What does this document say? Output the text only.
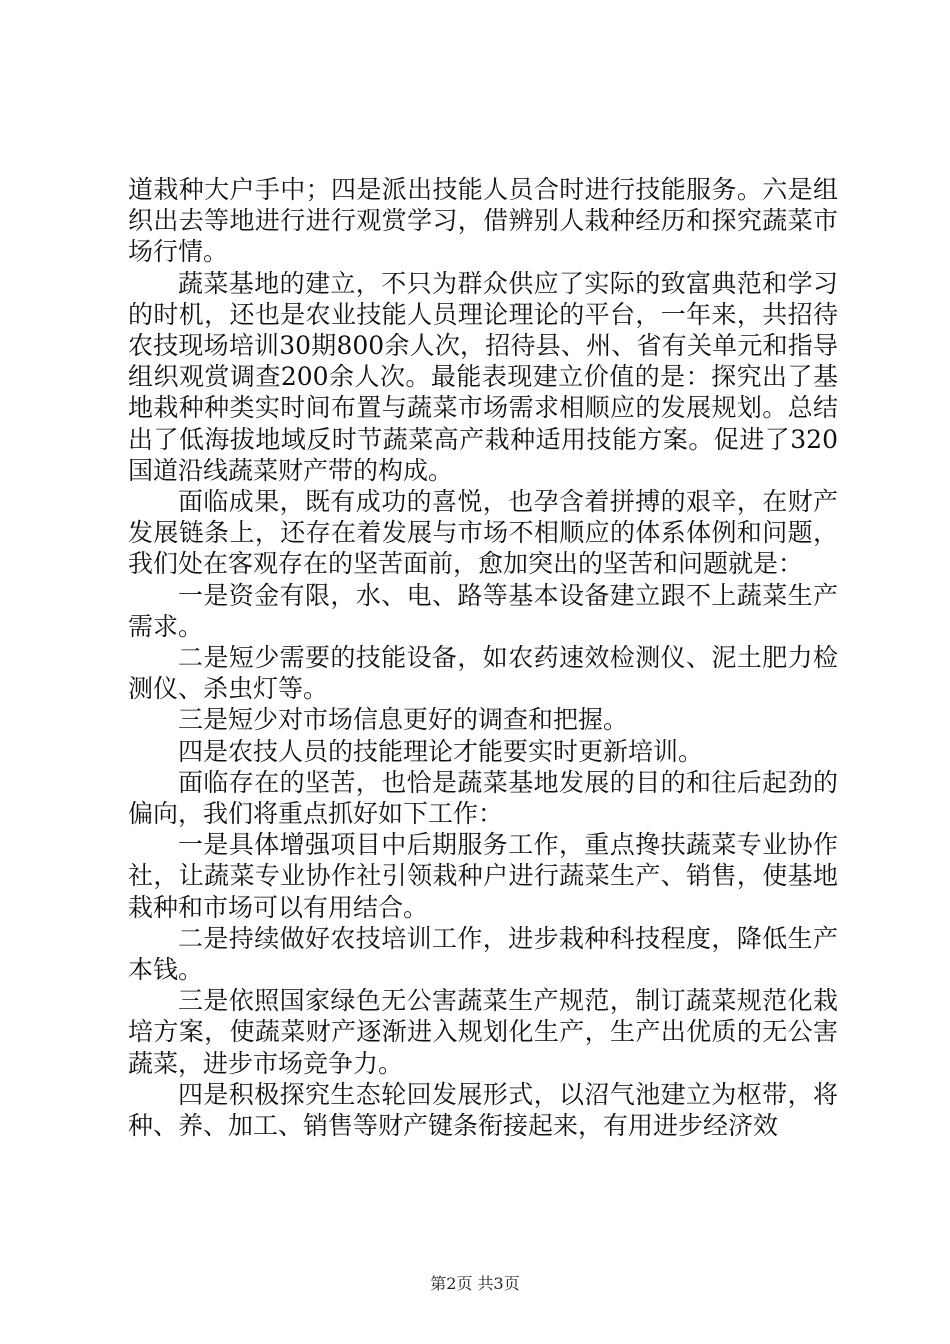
道栽种大户手中；四是派出技能人员合时进行技能服务。六是组织出去等地进行进行观赏学习，借辨别人栽种经历和探究蔬菜市场行情。

蔬菜基地的建立，不只为群众供应了实际的致富典范和学习的时机，还也是农业技能人员理论理论的平台，一年来，共招待农技现场培训30期800余人次，招待县、州、省有关单元和指导组织观赏调查200余人次。最能表现建立价值的是：探究出了基地栽种种类实时间布置与蔬菜市场需求相顺应的发展规划。总结出了低海拔地域反时节蔬菜高产栽种适用技能方案。促进了320国道沿线蔬菜财产带的构成。

面临成果，既有成功的喜悦，也孕含着拼搏的艰辛，在财产发展链条上，还存在着发展与市场不相顺应的体系体例和问题，我们处在客观存在的坚苦面前，愈加突出的坚苦和问题就是：

一是资金有限，水、电、路等基本设备建立跟不上蔬菜生产需求。

二是短少需要的技能设备，如农药速效检测仪、泥土肥力检测仪、杀虫灯等。

三是短少对市场信息更好的调查和把握。

四是农技人员的技能理论才能要实时更新培训。

面临存在的坚苦，也恰是蔬菜基地发展的目的和往后起劲的偏向，我们将重点抓好如下工作：

一是具体增强项目中后期服务工作，重点搀扶蔬菜专业协作社，让蔬菜专业协作社引领栽种户进行蔬菜生产、销售，使基地栽种和市场可以有用结合。

二是持续做好农技培训工作，进步栽种科技程度，降低生产本钱。

三是依照国家绿色无公害蔬菜生产规范，制订蔬菜规范化栽培方案，使蔬菜财产逐渐进入规划化生产，生产出优质的无公害蔬菜，进步市场竞争力。

四是积极探究生态轮回发展形式，以沼气池建立为枢带，将种、养、加工、销售等财产键条衔接起来，有用进步经济效

第2页 共3页
